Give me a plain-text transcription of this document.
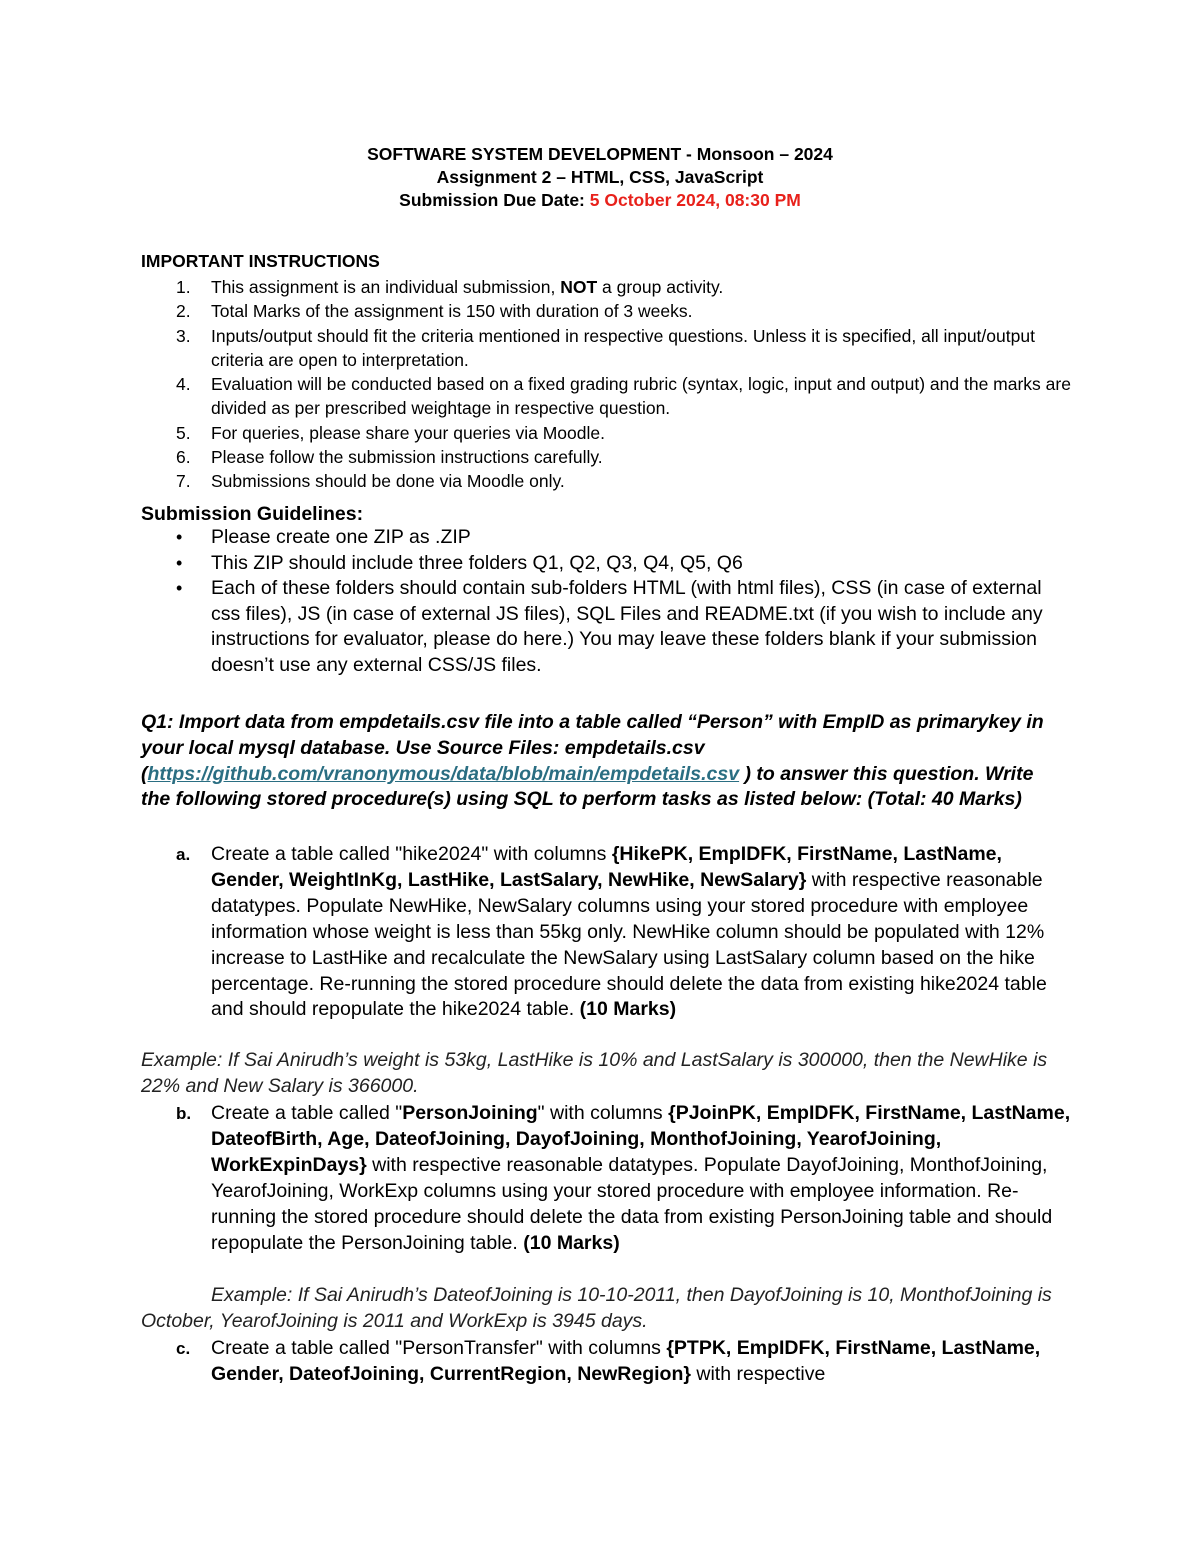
SOFTWARE SYSTEM DEVELOPMENT - Monsoon – 2024
Assignment 2 – HTML, CSS, JavaScript
Submission Due Date: 5 October 2024, 08:30 PM
IMPORTANT INSTRUCTIONS
1. This assignment is an individual submission, NOT a group activity.
2. Total Marks of the assignment is 150 with duration of 3 weeks.
3. Inputs/output should fit the criteria mentioned in respective questions. Unless it is specified, all input/output criteria are open to interpretation.
4. Evaluation will be conducted based on a fixed grading rubric (syntax, logic, input and output) and the marks are divided as per prescribed weightage in respective question.
5. For queries, please share your queries via Moodle.
6. Please follow the submission instructions carefully.
7. Submissions should be done via Moodle only.
Submission Guidelines:
• Please create one ZIP as .ZIP
• This ZIP should include three folders Q1, Q2, Q3, Q4, Q5, Q6
• Each of these folders should contain sub-folders HTML (with html files), CSS (in case of external css files), JS (in case of external JS files), SQL Files and README.txt (if you wish to include any instructions for evaluator, please do here.) You may leave these folders blank if your submission doesn’t use any external CSS/JS files.
Q1: Import data from empdetails.csv file into a table called “Person” with EmpID as primarykey in your local mysql database. Use Source Files: empdetails.csv (https://github.com/vranonymous/data/blob/main/empdetails.csv ) to answer this question. Write the following stored procedure(s) using SQL to perform tasks as listed below: (Total: 40 Marks)
a.	Create a table called "hike2024" with columns {HikePK, EmpIDFK, FirstName, LastName, Gender, WeightInKg, LastHike, LastSalary, NewHike, NewSalary} with respective reasonable datatypes. Populate NewHike, NewSalary columns using your stored procedure with employee information whose weight is less than 55kg only. NewHike column should be populated with 12% increase to LastHike and recalculate the NewSalary using LastSalary column based on the hike percentage. Re-running the stored procedure should delete the data from existing hike2024 table and should repopulate the hike2024 table. (10 Marks)
Example: If Sai Anirudh’s weight is 53kg, LastHike is 10% and LastSalary is 300000, then the NewHike is 22% and New Salary is 366000.
b.	Create a table called "PersonJoining" with columns {PJoinPK, EmpIDFK, FirstName, LastName, DateofBirth, Age, DateofJoining, DayofJoining, MonthofJoining, YearofJoining, WorkExpinDays} with respective reasonable datatypes. Populate DayofJoining, MonthofJoining, YearofJoining, WorkExp columns using your stored procedure with employee information. Re-running the stored procedure should delete the data from existing PersonJoining table and should repopulate the PersonJoining table. (10 Marks)
Example: If Sai Anirudh’s DateofJoining is 10-10-2011, then DayofJoining is 10, MonthofJoining is October, YearofJoining is 2011 and WorkExp is 3945 days.
c.	Create a table called "PersonTransfer" with columns {PTPK, EmpIDFK, FirstName, LastName, Gender, DateofJoining, CurrentRegion, NewRegion} with respective
